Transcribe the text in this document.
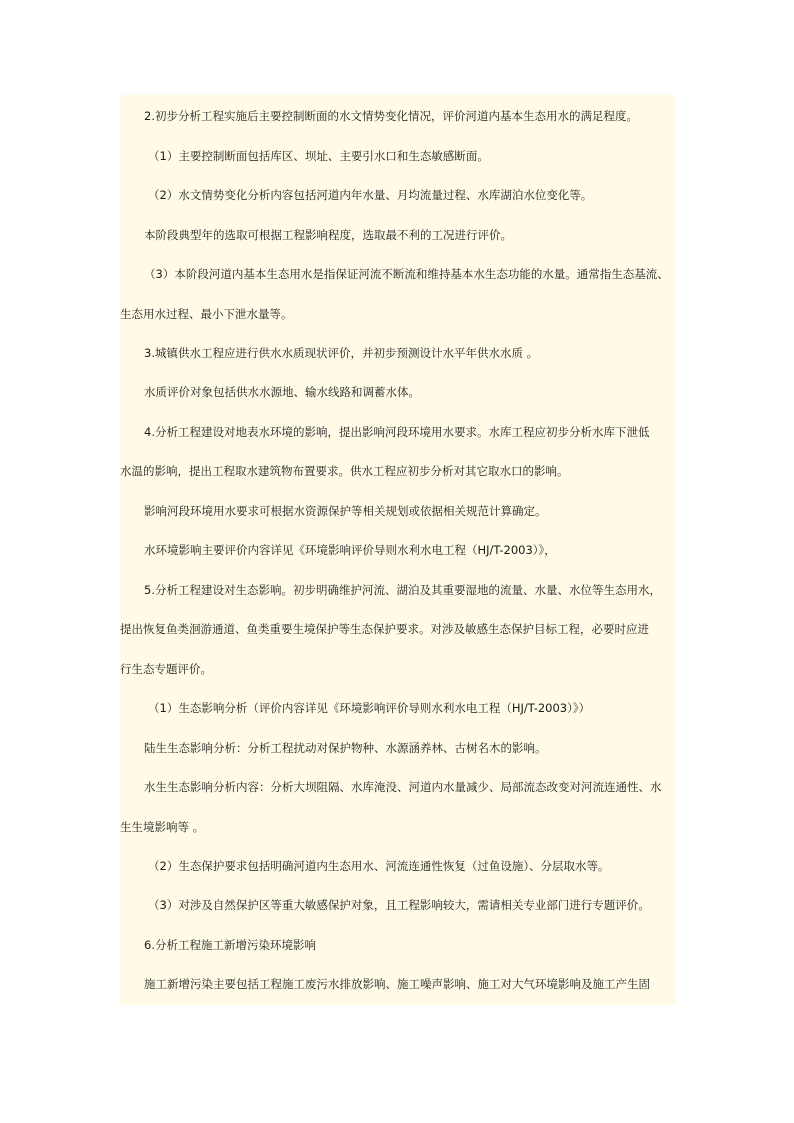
2.初步分析工程实施后主要控制断面的水文情势变化情况，评价河道内基本生态用水的满足程度。
（1）主要控制断面包括库区、坝址、主要引水口和生态敏感断面。
（2）水文情势变化分析内容包括河道内年水量、月均流量过程、水库湖泊水位变化等。
本阶段典型年的选取可根据工程影响程度，选取最不利的工况进行评价。
（3）本阶段河道内基本生态用水是指保证河流不断流和维持基本水生态功能的水量。通常指生态基流、
生态用水过程、最小下泄水量等。
3.城镇供水工程应进行供水水质现状评价，并初步预测设计水平年供水水质 。
水质评价对象包括供水水源地、输水线路和调蓄水体。
4.分析工程建设对地表水环境的影响，提出影响河段环境用水要求。水库工程应初步分析水库下泄低
水温的影响，提出工程取水建筑物布置要求。供水工程应初步分析对其它取水口的影响。
影响河段环境用水要求可根据水资源保护等相关规划或依据相关规范计算确定。
水环境影响主要评价内容详见《环境影响评价导则水利水电工程（HJ/T-2003）》，
5.分析工程建设对生态影响。初步明确维护河流、湖泊及其重要湿地的流量、水量、水位等生态用水，
提出恢复鱼类洄游通道、鱼类重要生境保护等生态保护要求。对涉及敏感生态保护目标工程，必要时应进
行生态专题评价。
（1）生态影响分析（评价内容详见《环境影响评价导则水利水电工程（HJ/T-2003）》）
陆生生态影响分析：分析工程扰动对保护物种、水源涵养林、古树名木的影响。
水生生态影响分析内容：分析大坝阻隔、水库淹没、河道内水量减少、局部流态改变对河流连通性、水
生生境影响等 。
（2）生态保护要求包括明确河道内生态用水、河流连通性恢复（过鱼设施）、分层取水等。
（3）对涉及自然保护区等重大敏感保护对象，且工程影响较大，需请相关专业部门进行专题评价。
6.分析工程施工新增污染环境影响
施工新增污染主要包括工程施工废污水排放影响、施工噪声影响、施工对大气环境影响及施工产生固
